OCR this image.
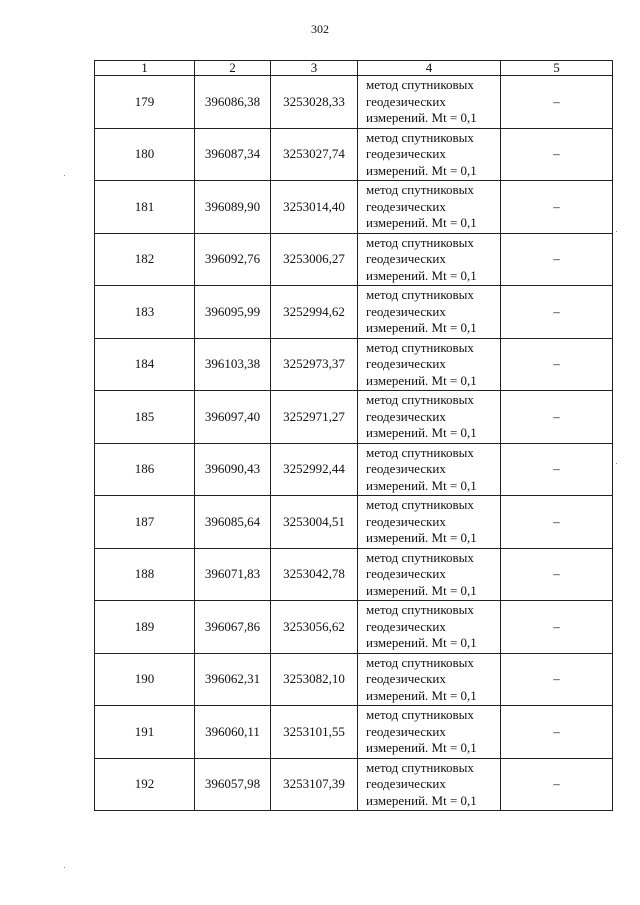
302
1	2	3	4	5
179	396086,38	3253028,33	метод спутниковых
геодезических
измерений. Mt = 0,1	–
180	396087,34	3253027,74	метод спутниковых
геодезических
измерений. Mt = 0,1	–
181	396089,90	3253014,40	метод спутниковых
геодезических
измерений. Mt = 0,1	–
182	396092,76	3253006,27	метод спутниковых
геодезических
измерений. Mt = 0,1	–
183	396095,99	3252994,62	метод спутниковых
геодезических
измерений. Mt = 0,1	–
184	396103,38	3252973,37	метод спутниковых
геодезических
измерений. Mt = 0,1	–
185	396097,40	3252971,27	метод спутниковых
геодезических
измерений. Mt = 0,1	–
186	396090,43	3252992,44	метод спутниковых
геодезических
измерений. Mt = 0,1	–
187	396085,64	3253004,51	метод спутниковых
геодезических
измерений. Mt = 0,1	–
188	396071,83	3253042,78	метод спутниковых
геодезических
измерений. Mt = 0,1	–
189	396067,86	3253056,62	метод спутниковых
геодезических
измерений. Mt = 0,1	–
190	396062,31	3253082,10	метод спутниковых
геодезических
измерений. Mt = 0,1	–
191	396060,11	3253101,55	метод спутниковых
геодезических
измерений. Mt = 0,1	–
192	396057,98	3253107,39	метод спутниковых
геодезических
измерений. Mt = 0,1	–
